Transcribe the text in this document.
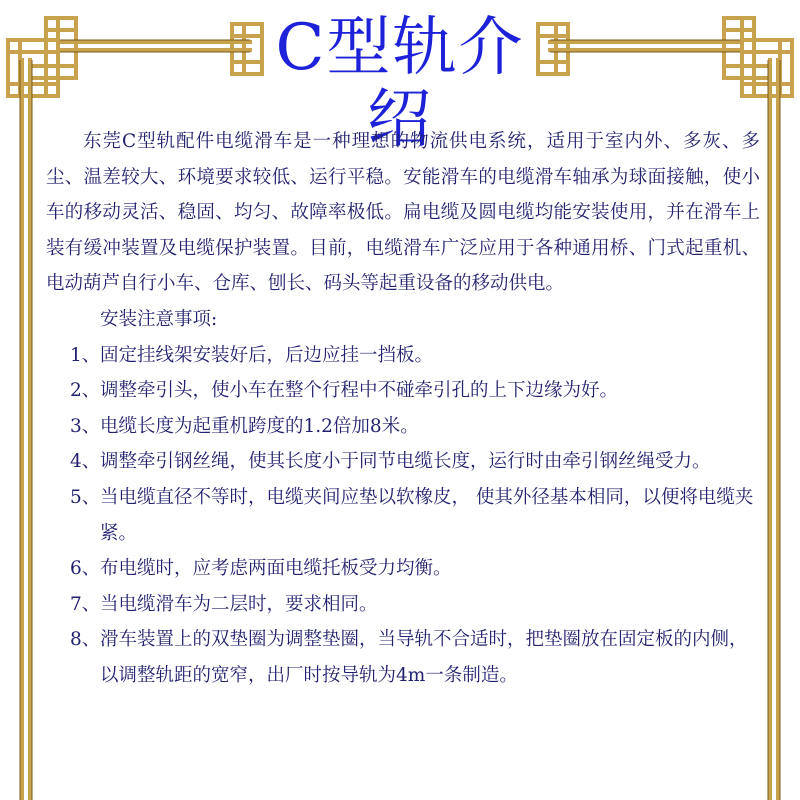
C型轨介绍

东莞C型轨配件电缆滑车是一种理想的物流供电系统，适用于室内外、多灰、多尘、温差较大、环境要求较低、运行平稳。安能滑车的电缆滑车轴承为球面接触，使小车的移动灵活、稳固、均匀、故障率极低。扁电缆及圆电缆均能安装使用，并在滑车上装有缓冲装置及电缆保护装置。目前，电缆滑车广泛应用于各种通用桥、门式起重机、电动葫芦自行小车、仓库、刨长、码头等起重设备的移动供电。

安装注意事项:

1、 固定挂线架安装好后，后边应挂一挡板。
2、 调整牵引头，使小车在整个行程中不碰牵引孔的上下边缘为好。
3、 电缆长度为起重机跨度的1.2倍加8米。
4、 调整牵引钢丝绳，使其长度小于同节电缆长度，运行时由牵引钢丝绳受力。
5、 当电缆直径不等时，电缆夹间应垫以软橡皮， 使其外径基本相同，以便将电缆夹紧。
6、 布电缆时，应考虑两面电缆托板受力均衡。
7、 当电缆滑车为二层时，要求相同。
8、 滑车装置上的双垫圈为调整垫圈，当导轨不合适时，把垫圈放在固定板的内侧，以调整轨距的宽窄，出厂时按导轨为4m一条制造。
